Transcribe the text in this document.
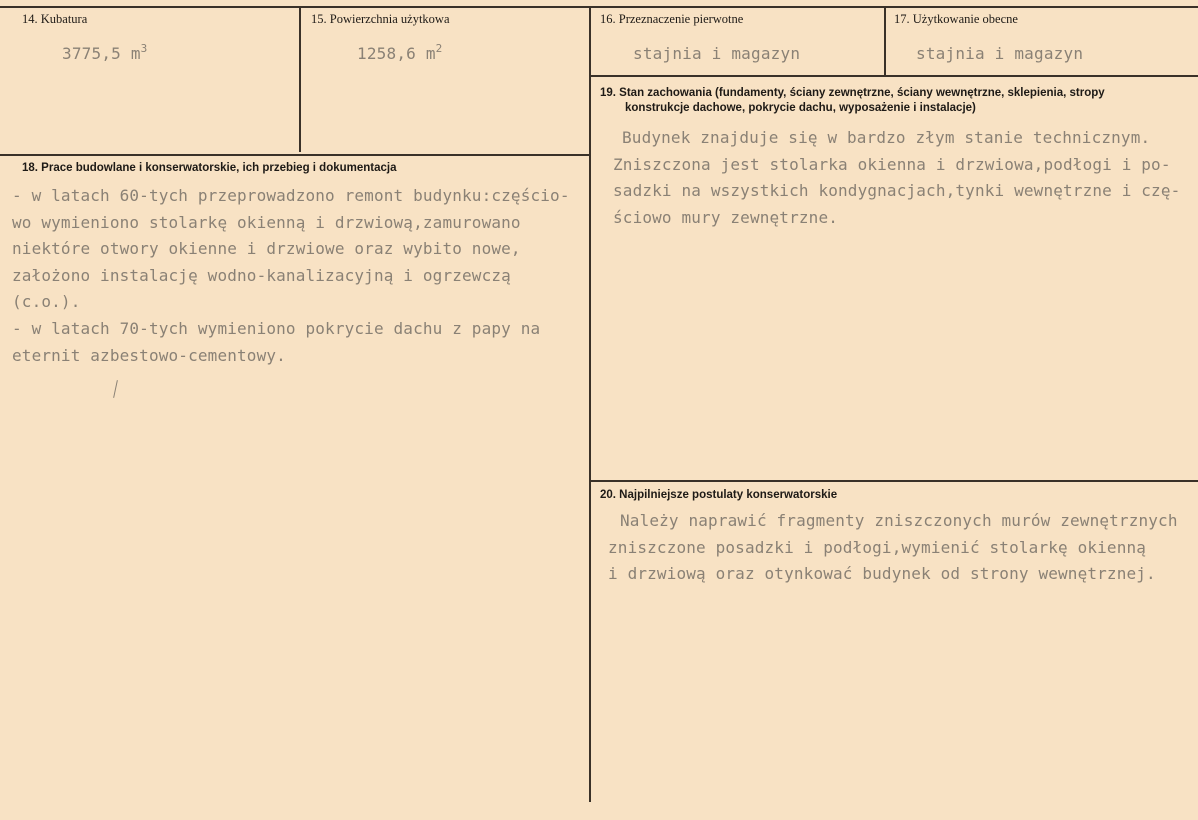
14. Kubatura
3775,5 $m^3$
15. Powierzchnia użytkowa
1258,6 $m^2$
16. Przeznaczenie pierwotne
stajnia i magazyn
17. Użytkowanie obecne
stajnia i magazyn
18. Prace budowlane i konserwatorskie, ich przebieg i dokumentacja
- w latach 60-tych przeprowadzono remont budynku:częścio-
wo wymieniono stolarkę okienną i drzwiową,zamurowano
niektóre otwory okienne i drzwiowe oraz wybito nowe,
założono instalację wodno-kanalizacyjną i ogrzewczą
(c.o.).
- w latach 70-tych wymieniono pokrycie dachu z papy na
eternit azbestowo-cementowy.
19. Stan zachowania (fundamenty, ściany zewnętrzne, ściany wewnętrzne, sklepienia, stropy
konstrukcje dachowe, pokrycie dachu, wyposażenie i instalacje)
Budynek znajduje się w bardzo złym stanie technicznym.
Zniszczona jest stolarka okienna i drzwiowa,podłogi i po-
sadzki na wszystkich kondygnacjach,tynki wewnętrzne i czę-
ściowo mury zewnętrzne.
20. Najpilniejsze postulaty konserwatorskie
Należy naprawić fragmenty zniszczonych murów zewnętrznych
zniszczone posadzki i podłogi,wymienić stolarkę okienną
i drzwiową oraz otynkować budynek od strony wewnętrznej.
